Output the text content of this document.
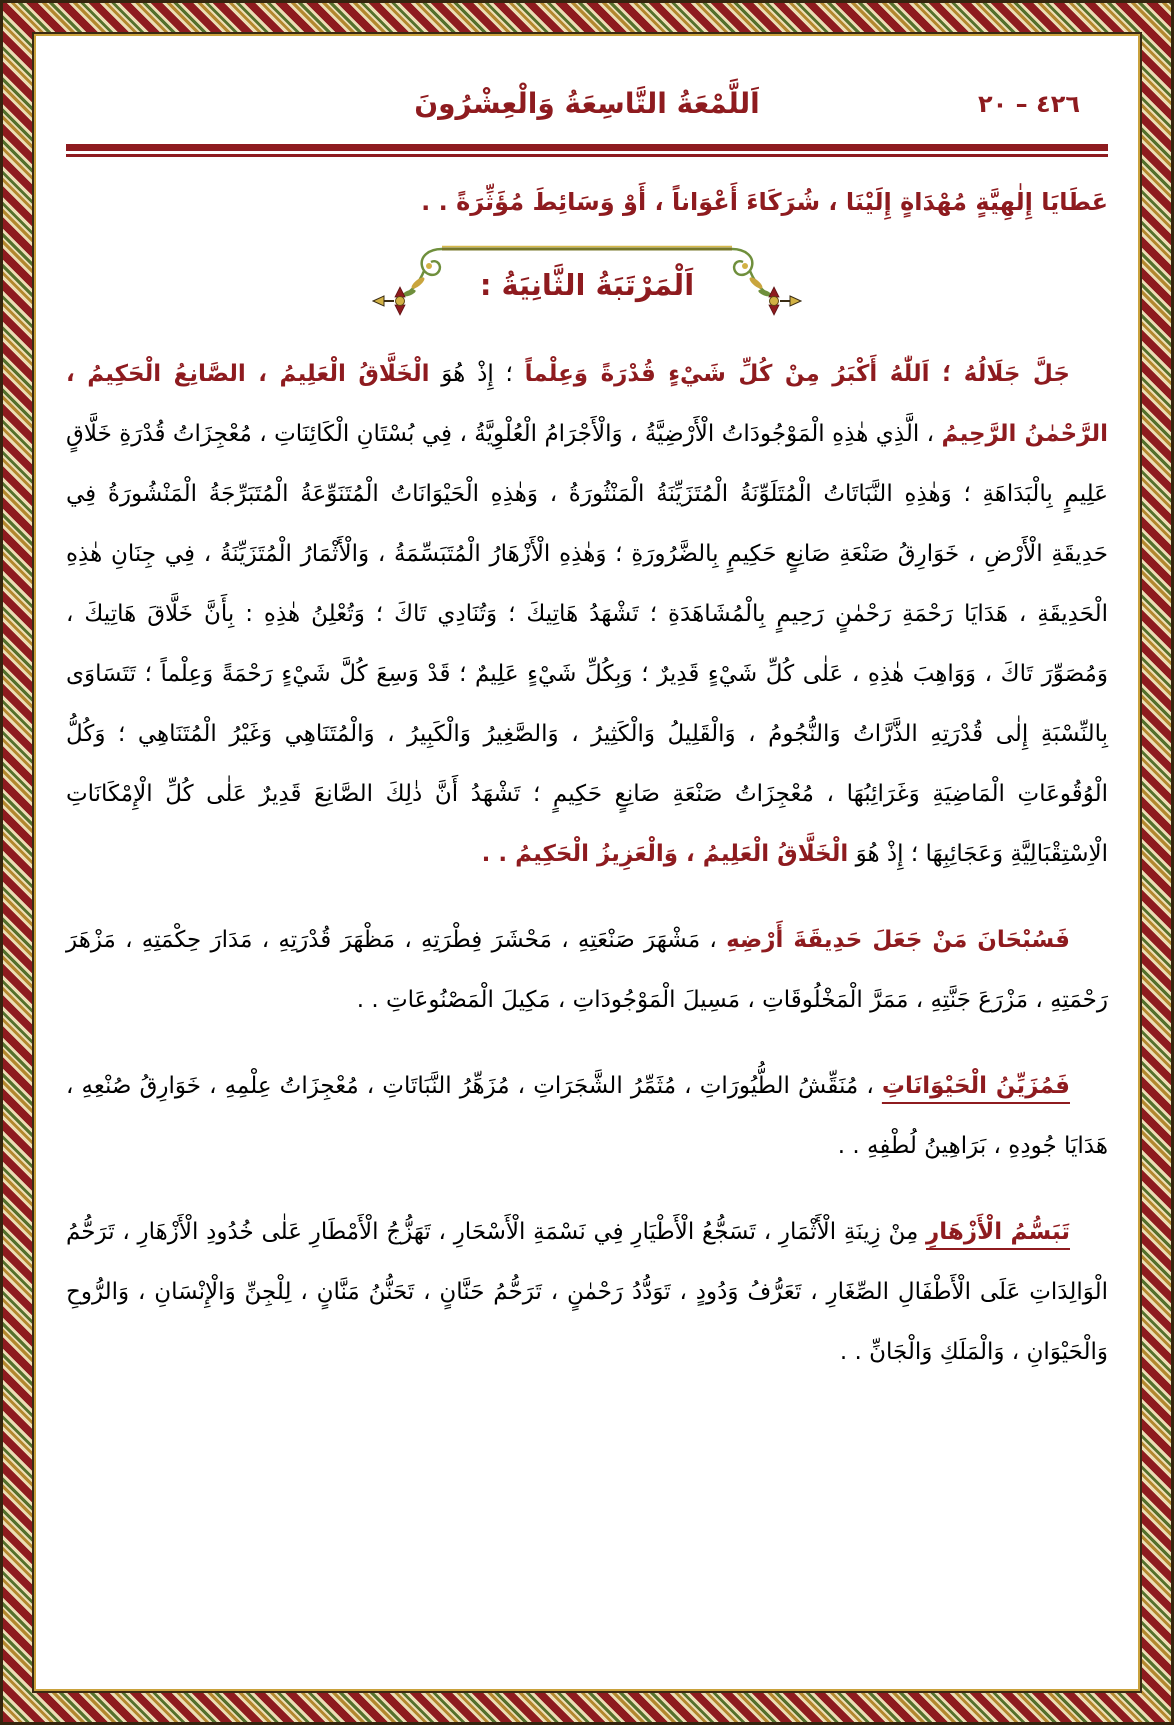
٤٢٦ – ٢٠
اَللَّمْعَةُ التَّاسِعَةُ وَالْعِشْرُونَ

عَطَايَا إِلٰهِيَّةٍ مُهْدَاةٍ إِلَيْنَا ، شُرَكَاءَ أَعْوَاناً ، أَوْ وَسَائِطَ مُؤَثِّرَةً . .

اَلْمَرْتَبَةُ الثَّانِيَةُ :

جَلَّ جَلَالُهُ ؛ اَللّٰهُ أَكْبَرُ مِنْ كُلِّ شَيْءٍ قُدْرَةً وَعِلْماً ؛ إِذْ هُوَ الْخَلَّاقُ الْعَلِيمُ ، الصَّانِعُ الْحَكِيمُ ، الرَّحْمٰنُ الرَّحِيمُ ، الَّذِي هٰذِهِ الْمَوْجُودَاتُ الْأَرْضِيَّةُ ، وَالْأَجْرَامُ الْعُلْوِيَّةُ ، فِي بُسْتَانِ الْكَائِنَاتِ ، مُعْجِزَاتُ قُدْرَةِ خَلَّاقٍ عَلِيمٍ بِالْبَدَاهَةِ ؛ وَهٰذِهِ النَّبَاتَاتُ الْمُتَلَوِّنَةُ الْمُتَزَيِّنَةُ الْمَنْثُورَةُ ، وَهٰذِهِ الْحَيْوَانَاتُ الْمُتَنَوِّعَةُ الْمُتَبَرِّجَةُ الْمَنْشُورَةُ فِي حَدِيقَةِ الْأَرْضِ ، خَوَارِقُ صَنْعَةِ صَانِعٍ حَكِيمٍ بِالضَّرُورَةِ ؛ وَهٰذِهِ الْأَزْهَارُ الْمُتَبَسِّمَةُ ، وَالْأَثْمَارُ الْمُتَزَيِّنَةُ ، فِي جِنَانِ هٰذِهِ الْحَدِيقَةِ ، هَدَايَا رَحْمَةِ رَحْمٰنٍ رَحِيمٍ بِالْمُشَاهَدَةِ ؛ تَشْهَدُ هَاتِيكَ ؛ وَتُنَادِي تَاكَ ؛ وَتُعْلِنُ هٰذِهِ : بِأَنَّ خَلَّاقَ هَاتِيكَ ، وَمُصَوِّرَ تَاكَ ، وَوَاهِبَ هٰذِهِ ، عَلٰى كُلِّ شَيْءٍ قَدِيرٌ ؛ وَبِكُلِّ شَيْءٍ عَلِيمٌ ؛ قَدْ وَسِعَ كُلَّ شَيْءٍ رَحْمَةً وَعِلْماً ؛ تَتَسَاوَى بِالنِّسْبَةِ إِلٰى قُدْرَتِهِ الذَّرَّاتُ وَالنُّجُومُ ، وَالْقَلِيلُ وَالْكَثِيرُ ، وَالصَّغِيرُ وَالْكَبِيرُ ، وَالْمُتَنَاهِي وَغَيْرُ الْمُتَنَاهِي ؛ وَكُلُّ الْوُقُوعَاتِ الْمَاضِيَةِ وَغَرَائِبُهَا ، مُعْجِزَاتُ صَنْعَةِ صَانِعٍ حَكِيمٍ ؛ تَشْهَدُ أَنَّ ذٰلِكَ الصَّانِعَ قَدِيرٌ عَلٰى كُلِّ الْإِمْكَانَاتِ الْاِسْتِقْبَالِيَّةِ وَعَجَائِبِهَا ؛ إِذْ هُوَ الْخَلَّاقُ الْعَلِيمُ ، وَالْعَزِيزُ الْحَكِيمُ . .

فَسُبْحَانَ مَنْ جَعَلَ حَدِيقَةَ أَرْضِهِ ، مَشْهَرَ صَنْعَتِهِ ، مَحْشَرَ فِطْرَتِهِ ، مَظْهَرَ قُدْرَتِهِ ، مَدَارَ حِكْمَتِهِ ، مَزْهَرَ رَحْمَتِهِ ، مَزْرَعَ جَنَّتِهِ ، مَمَرَّ الْمَخْلُوقَاتِ ، مَسِيلَ الْمَوْجُودَاتِ ، مَكِيلَ الْمَصْنُوعَاتِ . .

فَمُزَيِّنُ الْحَيْوَانَاتِ ، مُنَقِّشُ الطُّيُورَاتِ ، مُثَمِّرُ الشَّجَرَاتِ ، مُزَهِّرُ النَّبَاتَاتِ ، مُعْجِزَاتُ عِلْمِهِ ، خَوَارِقُ صُنْعِهِ ، هَدَايَا جُودِهِ ، بَرَاهِينُ لُطْفِهِ . .

تَبَسُّمُ الْأَزْهَارِ مِنْ زِينَةِ الْأَثْمَارِ ، تَسَجُّعُ الْأَطْيَارِ فِي نَسْمَةِ الْأَسْحَارِ ، تَهَزُّجُ الْأَمْطَارِ عَلٰى خُدُودِ الْأَزْهَارِ ، تَرَحُّمُ الْوَالِدَاتِ عَلَى الْأَطْفَالِ الصِّغَارِ ، تَعَرُّفُ وَدُودٍ ، تَوَدُّدُ رَحْمٰنٍ ، تَرَحُّمُ حَنَّانٍ ، تَحَنُّنُ مَنَّانٍ ، لِلْجِنِّ وَالْإِنْسَانِ ، وَالرُّوحِ وَالْحَيْوَانِ ، وَالْمَلَكِ وَالْجَانِّ . .
